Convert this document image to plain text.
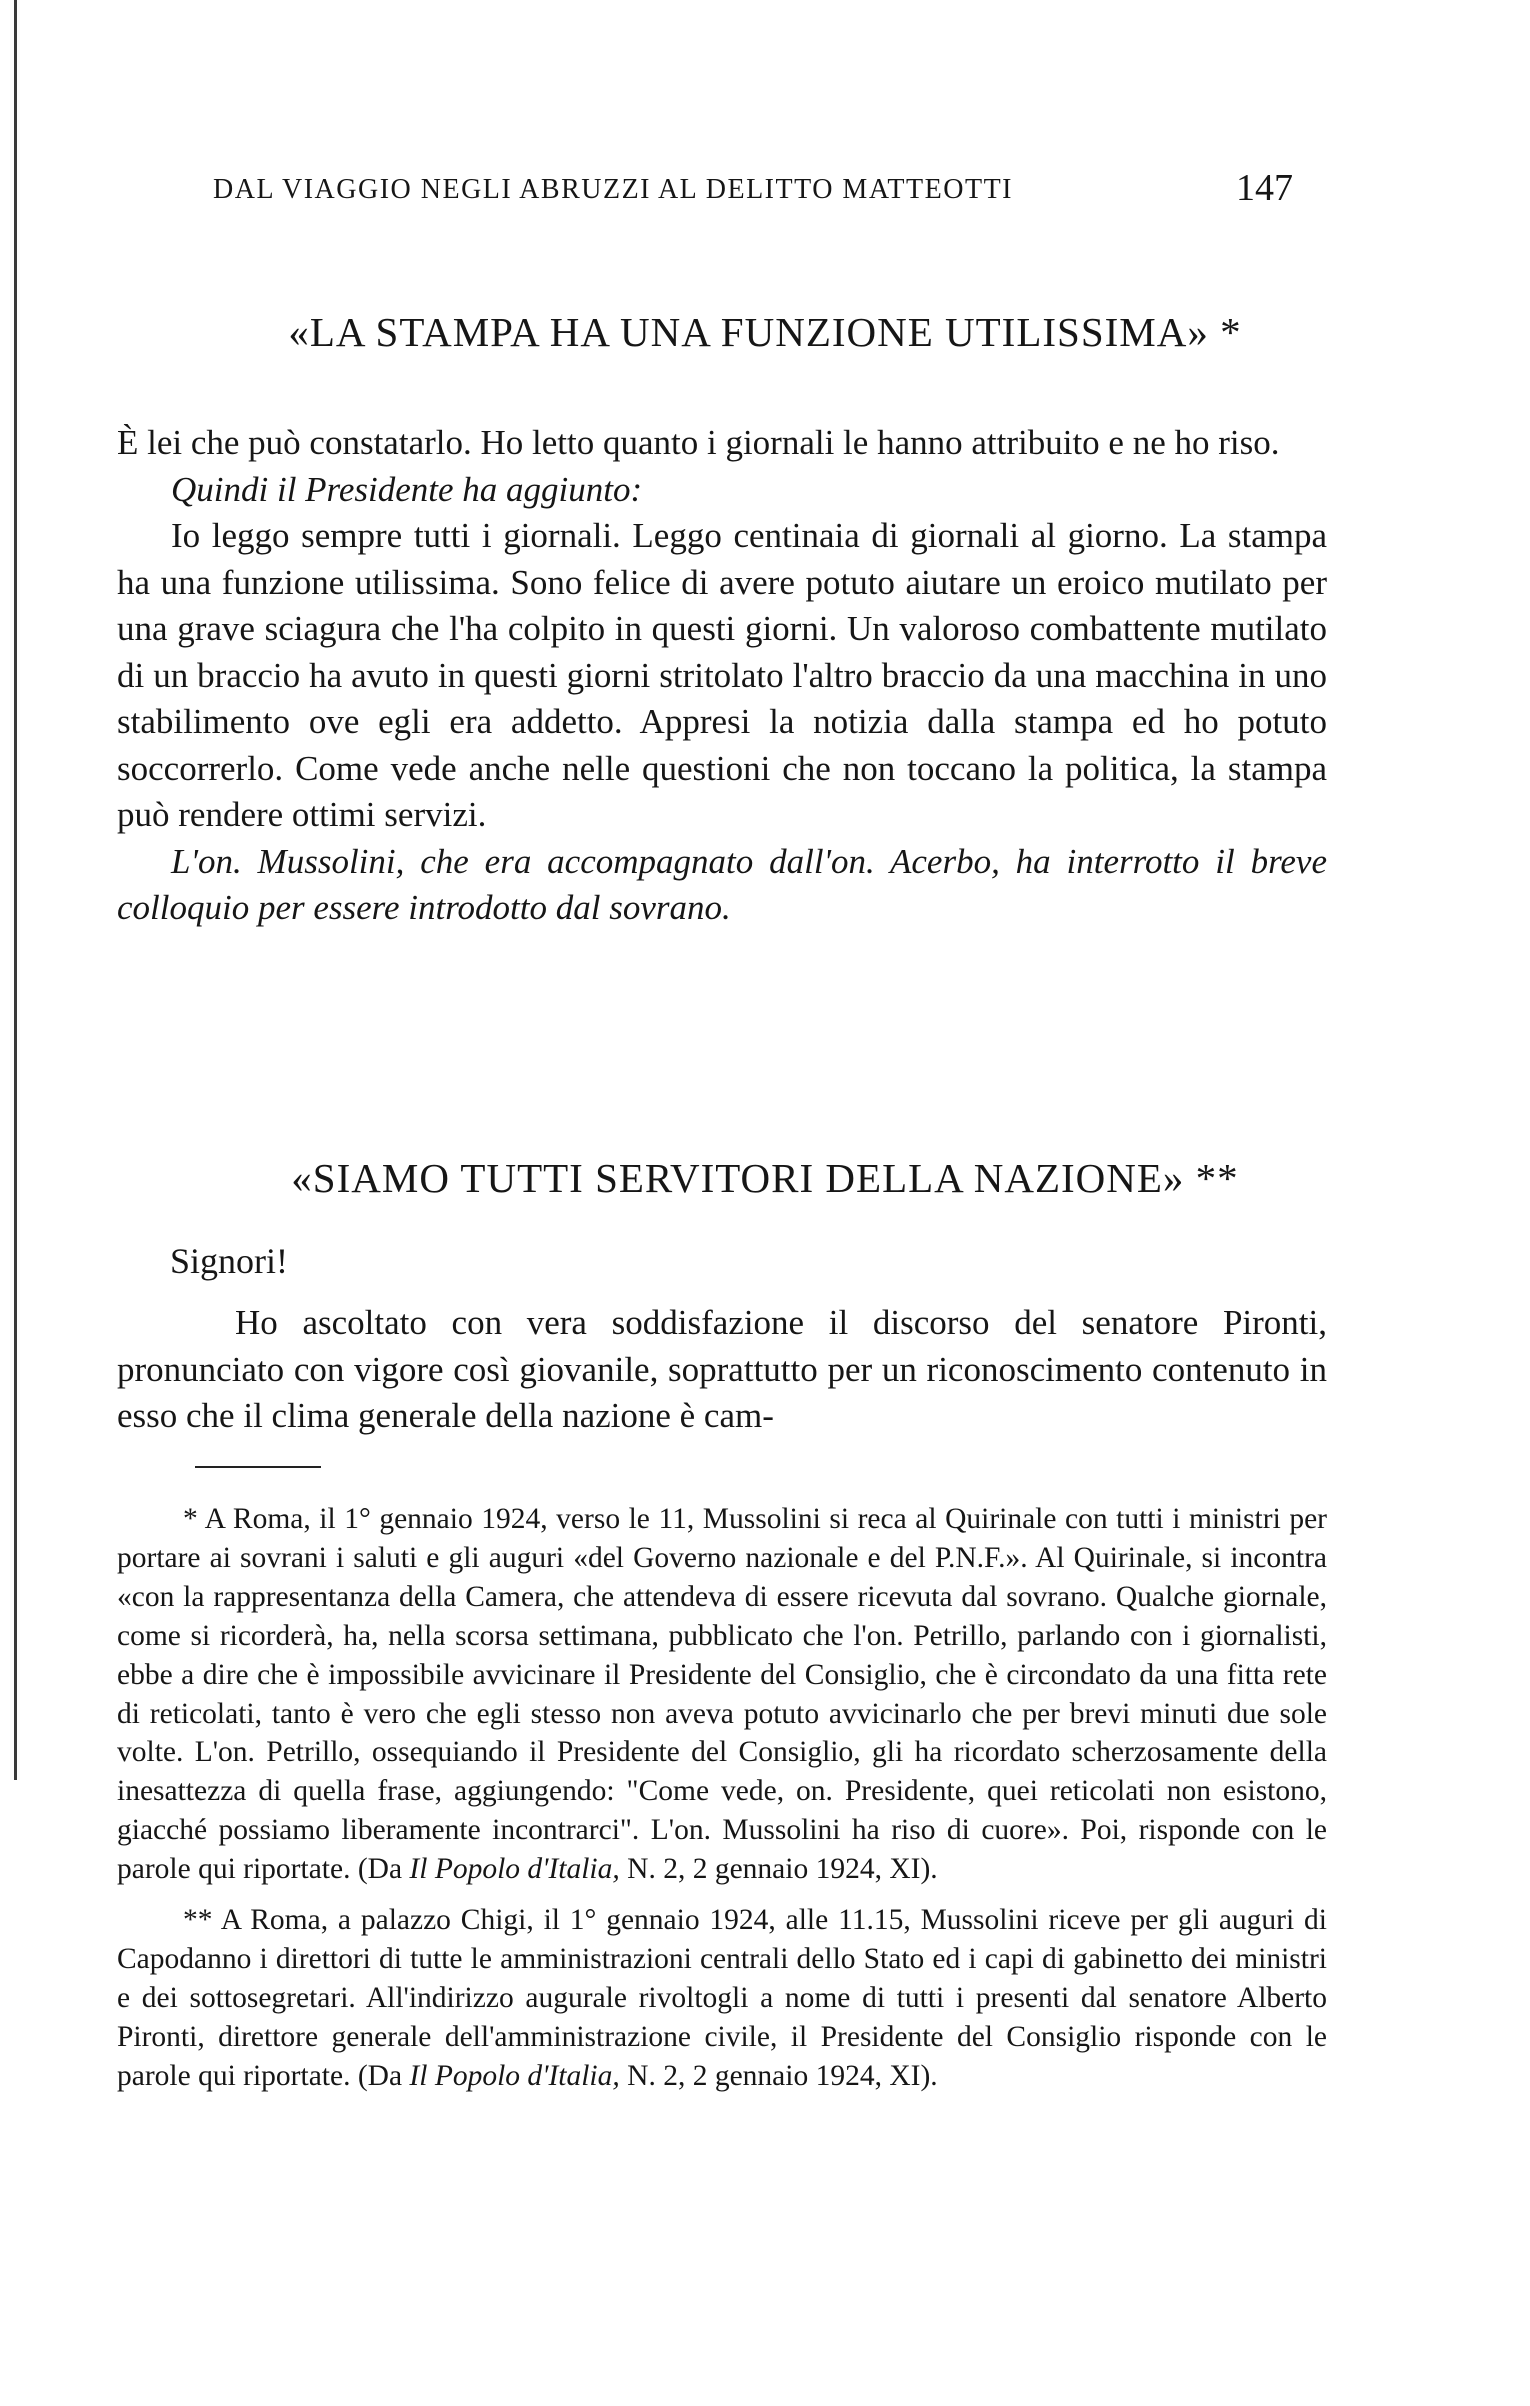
DAL VIAGGIO NEGLI ABRUZZI AL DELITTO MATTEOTTI	147
«LA STAMPA HA UNA FUNZIONE UTILISSIMA» *

È lei che può constatarlo. Ho letto quanto i giornali le hanno attribuito e ne ho riso.

Quindi il Presidente ha aggiunto:

Io leggo sempre tutti i giornali. Leggo centinaia di giornali al giorno. La stampa ha una funzione utilissima. Sono felice di avere potuto aiutare un eroico mutilato per una grave sciagura che l'ha colpito in questi giorni. Un valoroso combattente mutilato di un braccio ha avuto in questi giorni stritolato l'altro braccio da una macchina in uno stabilimento ove egli era addetto. Appresi la notizia dalla stampa ed ho potuto soccorrerlo. Come vede anche nelle questioni che non toccano la politica, la stampa può rendere ottimi servizi.

L'on. Mussolini, che era accompagnato dall'on. Acerbo, ha interrotto il breve colloquio per essere introdotto dal sovrano.

«SIAMO TUTTI SERVITORI DELLA NAZIONE» **
Signori!

Ho ascoltato con vera soddisfazione il discorso del senatore Pironti, pronunciato con vigore così giovanile, soprattutto per un riconoscimento contenuto in esso che il clima generale della nazione è cam-

* A Roma, il 1° gennaio 1924, verso le 11, Mussolini si reca al Quirinale con tutti i ministri per portare ai sovrani i saluti e gli auguri «del Governo nazionale e del P.N.F.». Al Quirinale, si incontra «con la rappresentanza della Camera, che attendeva di essere ricevuta dal sovrano. Qualche giornale, come si ricorderà, ha, nella scorsa settimana, pubblicato che l'on. Petrillo, parlando con i giornalisti, ebbe a dire che è impossibile avvicinare il Presidente del Consiglio, che è circondato da una fitta rete di reticolati, tanto è vero che egli stesso non aveva potuto avvicinarlo che per brevi minuti due sole volte. L'on. Petrillo, ossequiando il Presidente del Consiglio, gli ha ricordato scherzosamente della inesattezza di quella frase, aggiungendo: "Come vede, on. Presidente, quei reticolati non esistono, giacché possiamo liberamente incontrarci". L'on. Mussolini ha riso di cuore». Poi, risponde con le parole qui riportate. (Da Il Popolo d'Italia, N. 2, 2 gennaio 1924, XI).

** A Roma, a palazzo Chigi, il 1° gennaio 1924, alle 11.15, Mussolini riceve per gli auguri di Capodanno i direttori di tutte le amministrazioni centrali dello Stato ed i capi di gabinetto dei ministri e dei sottosegretari. All'indirizzo augurale rivoltogli a nome di tutti i presenti dal senatore Alberto Pironti, direttore generale dell'amministrazione civile, il Presidente del Consiglio risponde con le parole qui riportate. (Da Il Popolo d'Italia, N. 2, 2 gennaio 1924, XI).
